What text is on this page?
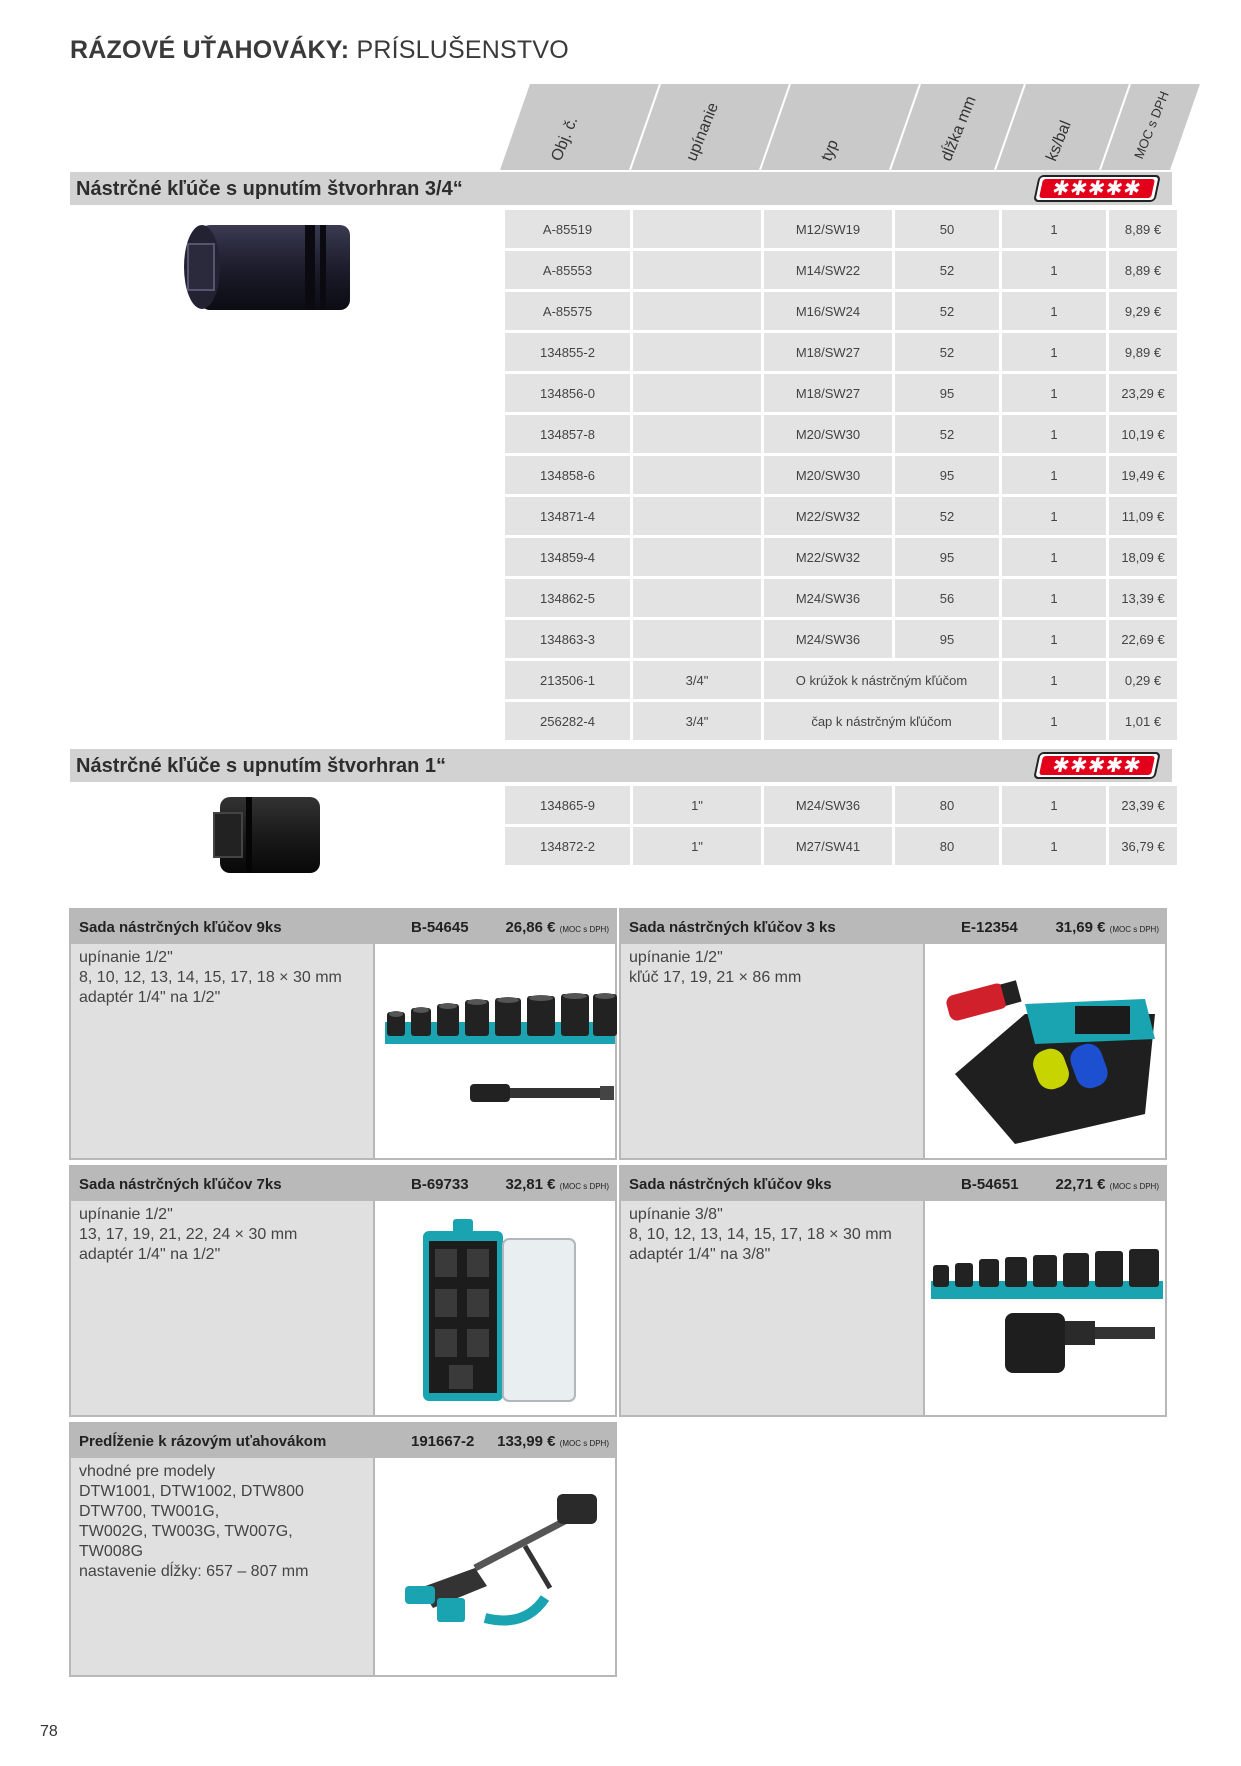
RÁZOVÉ UŤAHOVÁKY: PRÍSLUŠENSTVO
Obj. č.	upínanie	typ	dĺžka mm	ks/bal	MOC s DPH
Nástrčné kľúče s upnutím štvorhran 3/4“	✱✱✱✱✱
A-85519		M12/SW19	50	1	8,89 €
A-85553		M14/SW22	52	1	8,89 €
A-85575		M16/SW24	52	1	9,29 €
134855-2		M18/SW27	52	1	9,89 €
134856-0		M18/SW27	95	1	23,29 €
134857-8		M20/SW30	52	1	10,19 €
134858-6		M20/SW30	95	1	19,49 €
134871-4		M22/SW32	52	1	11,09 €
134859-4		M22/SW32	95	1	18,09 €
134862-5		M24/SW36	56	1	13,39 €
134863-3		M24/SW36	95	1	22,69 €
213506-1	3/4"	O krúžok k nástrčným kľúčom		1	0,29 €
256282-4	3/4"	čap k nástrčným kľúčom		1	1,01 €
Nástrčné kľúče s upnutím štvorhran 1“	✱✱✱✱✱
134865-9	1"	M24/SW36	80	1	23,39 €
134872-2	1"	M27/SW41	80	1	36,79 €
Sada nástrčných kľúčov 9ks	B-54645 26,86 € (MOC s DPH)
upínanie 1/2"
8, 10, 12, 13, 14, 15, 17, 18 × 30 mm
adaptér 1/4" na 1/2"
Sada nástrčných kľúčov 3 ks	E-12354	31,69 € (MOC s DPH)
upínanie 1/2"
kľúč 17, 19, 21 × 86 mm
Sada nástrčných kľúčov 7ks	B-69733 32,81 € (MOC s DPH)
upínanie 1/2"
13, 17, 19, 21, 22, 24 × 30 mm
adaptér 1/4" na 1/2"
Sada nástrčných kľúčov 9ks	B-54651 22,71 € (MOC s DPH)
upínanie 3/8"
8, 10, 12, 13, 14, 15, 17, 18 × 30 mm
adaptér 1/4" na 3/8"
Predĺženie k rázovým uťahovákom	191667-2 133,99 € (MOC s DPH)
vhodné pre modely
DTW1001, DTW1002, DTW800
DTW700, TW001G,
TW002G, TW003G, TW007G,
TW008G
nastavenie dĺžky: 657 – 807 mm
78
